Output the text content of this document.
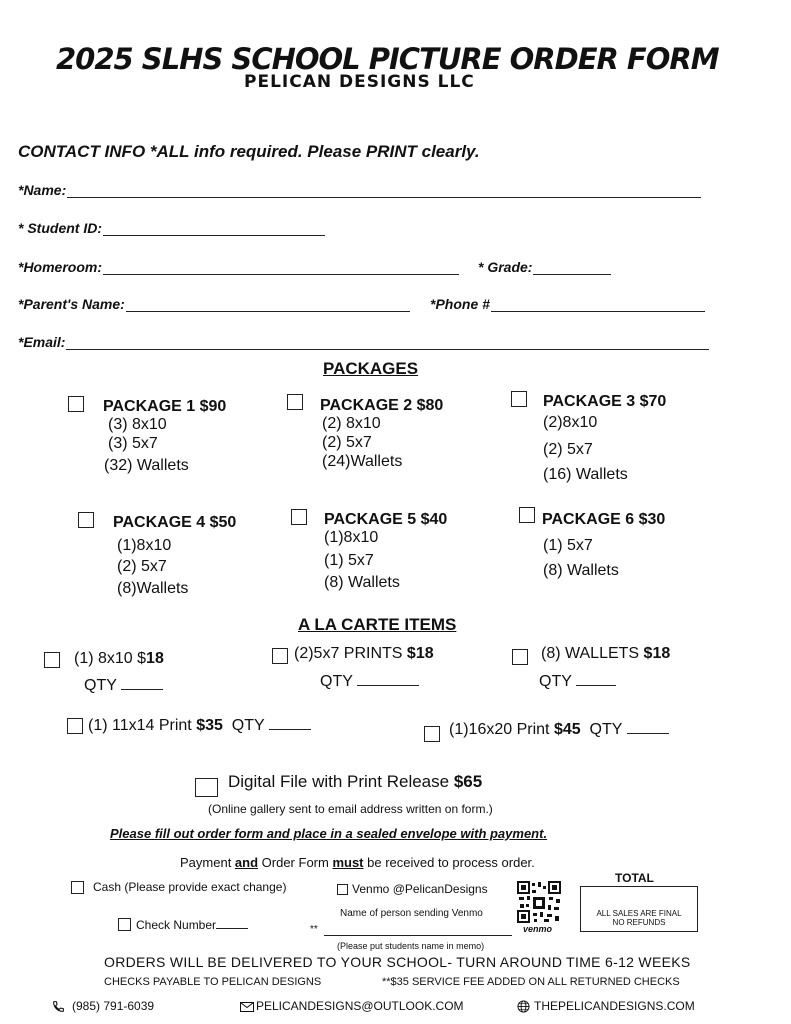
2025 SLHS SCHOOL PICTURE ORDER FORM
PELICAN DESIGNS LLC
CONTACT INFO *ALL info required. Please PRINT clearly.
*Name:
* Student ID:
*Homeroom:	* Grade:
*Parent's Name:	*Phone #
*Email:
PACKAGES
PACKAGE 1 $90
(3) 8x10
(3) 5x7
(32) Wallets
PACKAGE 2 $80
(2) 8x10
(2) 5x7
(24)Wallets
PACKAGE 3 $70
(2)8x10
(2) 5x7
(16) Wallets
PACKAGE 4 $50
(1)8x10
(2) 5x7
(8)Wallets
PACKAGE 5 $40
(1)8x10
(1) 5x7
(8) Wallets
PACKAGE 6 $30
(1) 5x7
(8) Wallets
A LA CARTE ITEMS
(1) 8x10 $18
QTY
(2)5x7 PRINTS $18
QTY
(8) WALLETS $18
QTY
(1) 11x14 Print $35 QTY	(1)16x20 Print $45 QTY
Digital File with Print Release $65
(Online gallery sent to email address written on form.)
Please fill out order form and place in a sealed envelope with payment.
Payment and Order Form must be received to process order.
Cash (Please provide exact change)	Venmo @PelicanDesigns
Name of person sending Venmo
**
(Please put students name in memo)
venmo
Check Number
TOTAL
ALL SALES ARE FINAL
NO REFUNDS
ORDERS WILL BE DELIVERED TO YOUR SCHOOL- TURN AROUND TIME 6-12 WEEKS
CHECKS PAYABLE TO PELICAN DESIGNS	**$35 SERVICE FEE ADDED ON ALL RETURNED CHECKS
(985) 791-6039	PELICANDESIGNS@OUTLOOK.COM	THEPELICANDESIGNS.COM
